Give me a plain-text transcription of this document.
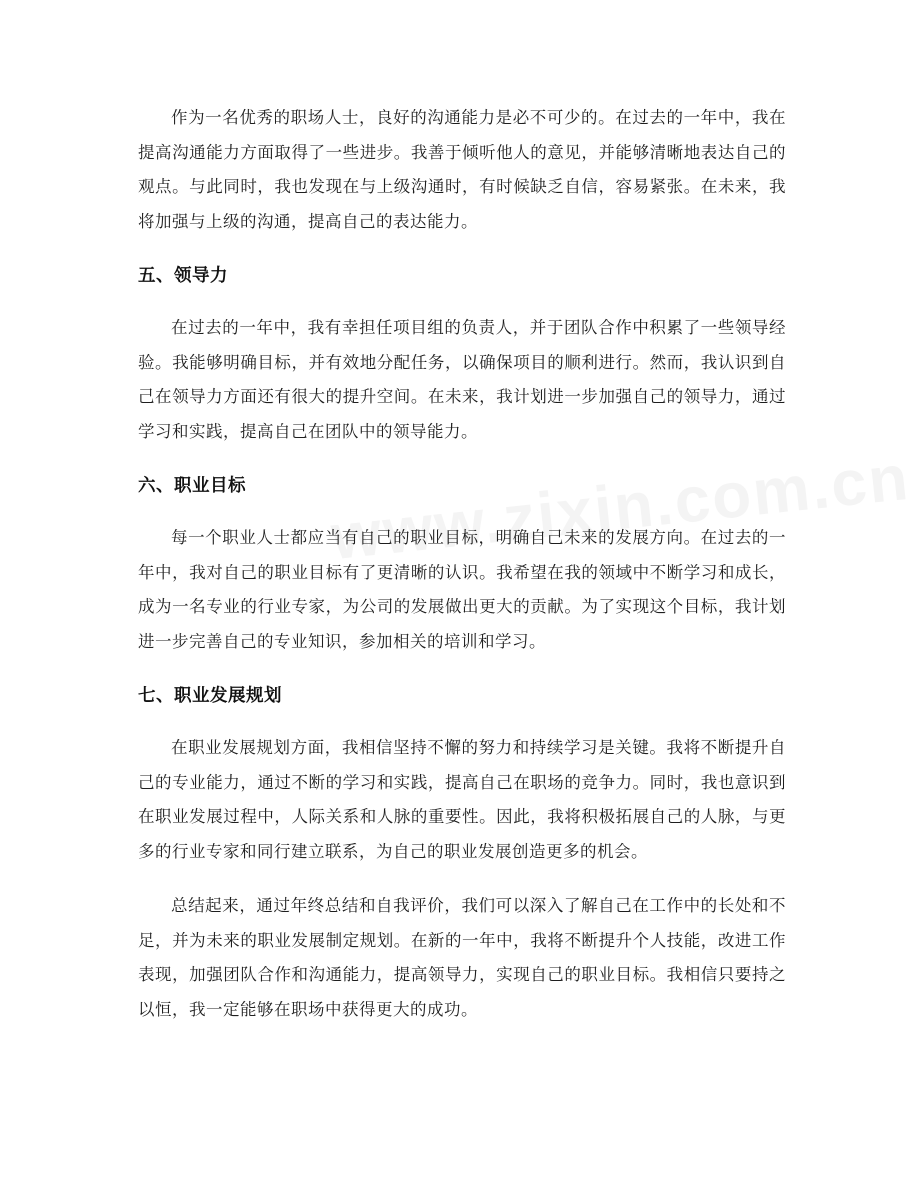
作为一名优秀的职场人士，良好的沟通能力是必不可少的。在过去的一年中，我在提高沟通能力方面取得了一些进步。我善于倾听他人的意见，并能够清晰地表达自己的观点。与此同时，我也发现在与上级沟通时，有时候缺乏自信，容易紧张。在未来，我将加强与上级的沟通，提高自己的表达能力。

五、领导力

在过去的一年中，我有幸担任项目组的负责人，并于团队合作中积累了一些领导经验。我能够明确目标，并有效地分配任务，以确保项目的顺利进行。然而，我认识到自己在领导力方面还有很大的提升空间。在未来，我计划进一步加强自己的领导力，通过学习和实践，提高自己在团队中的领导能力。

六、职业目标

每一个职业人士都应当有自己的职业目标，明确自己未来的发展方向。在过去的一年中，我对自己的职业目标有了更清晰的认识。我希望在我的领域中不断学习和成长，成为一名专业的行业专家，为公司的发展做出更大的贡献。为了实现这个目标，我计划进一步完善自己的专业知识，参加相关的培训和学习。

七、职业发展规划

在职业发展规划方面，我相信坚持不懈的努力和持续学习是关键。我将不断提升自己的专业能力，通过不断的学习和实践，提高自己在职场的竞争力。同时，我也意识到在职业发展过程中，人际关系和人脉的重要性。因此，我将积极拓展自己的人脉，与更多的行业专家和同行建立联系，为自己的职业发展创造更多的机会。

总结起来，通过年终总结和自我评价，我们可以深入了解自己在工作中的长处和不足，并为未来的职业发展制定规划。在新的一年中，我将不断提升个人技能，改进工作表现，加强团队合作和沟通能力，提高领导力，实现自己的职业目标。我相信只要持之以恒，我一定能够在职场中获得更大的成功。
